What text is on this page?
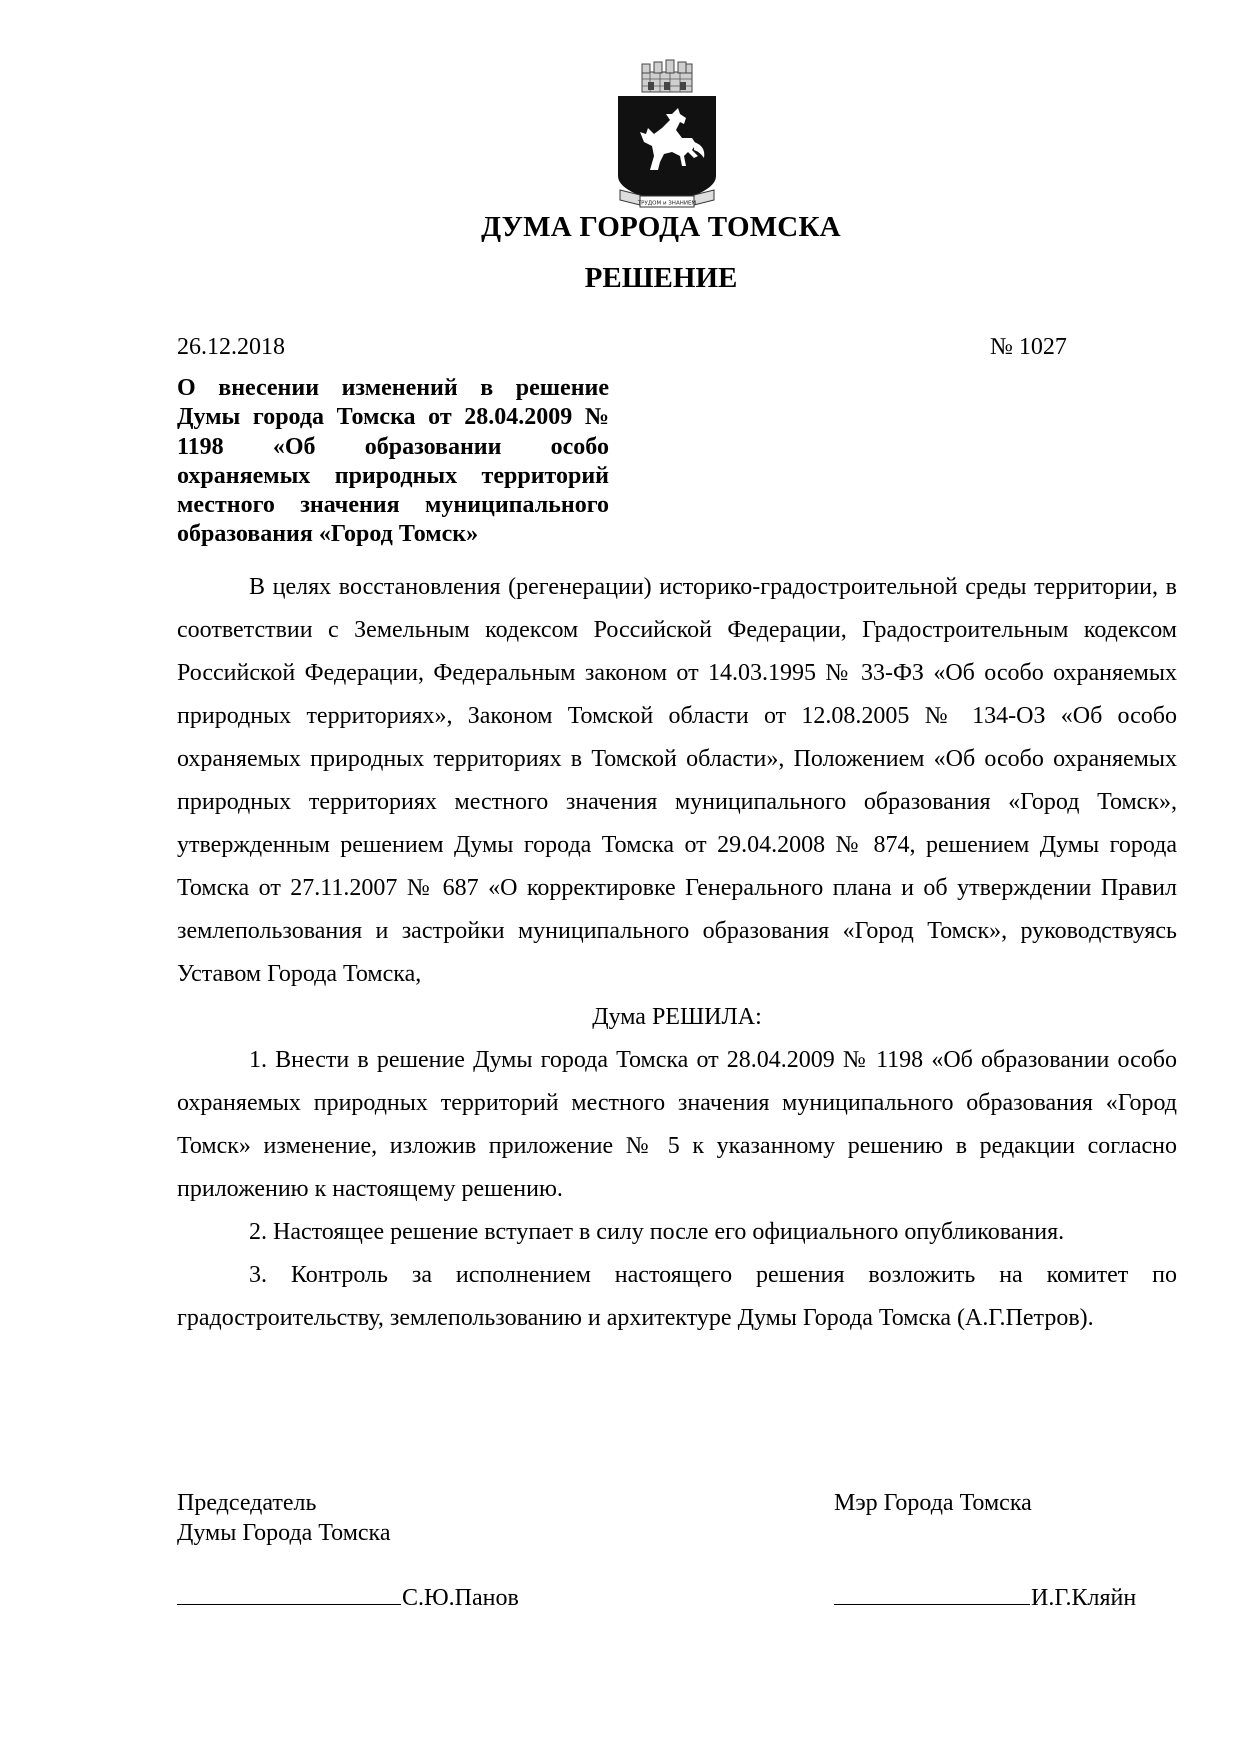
ТРУДОМ и ЗНАНИЕМ
ДУМА ГОРОДА ТОМСКА
РЕШЕНИЕ
26.12.2018	№ 1027
О внесении изменений в решение Думы города Томска от 28.04.2009 № 1198 «Об образовании особо охраняемых природных территорий местного значения муниципального образования «Город Томск»

В целях восстановления (регенерации) историко-градостроительной среды территории, в соответствии с Земельным кодексом Российской Федерации, Градостроительным кодексом Российской Федерации, Федеральным законом от 14.03.1995 № 33-ФЗ «Об особо охраняемых природных территориях», Законом Томской области от 12.08.2005 № 134-ОЗ «Об особо охраняемых природных территориях в Томской области», Положением «Об особо охраняемых природных территориях местного значения муниципального образования «Город Томск», утвержденным решением Думы города Томска от 29.04.2008 № 874, решением Думы города Томска от 27.11.2007 № 687 «О корректировке Генерального плана и об утверждении Правил землепользования и застройки муниципального образования «Город Томск», руководствуясь Уставом Города Томска,

Дума РЕШИЛА:

1. Внести в решение Думы города Томска от 28.04.2009 № 1198 «Об образовании особо охраняемых природных территорий местного значения муниципального образования «Город Томск» изменение, изложив приложение № 5 к указанному решению в редакции согласно приложению к настоящему решению.

2. Настоящее решение вступает в силу после его официального опубликования.

3. Контроль за исполнением настоящего решения возложить на комитет по градостроительству, землепользованию и архитектуре Думы Города Томска (А.Г.Петров).

Председатель
Думы Города Томска
Мэр Города Томска
С.Ю.Панов	И.Г.Кляйн
